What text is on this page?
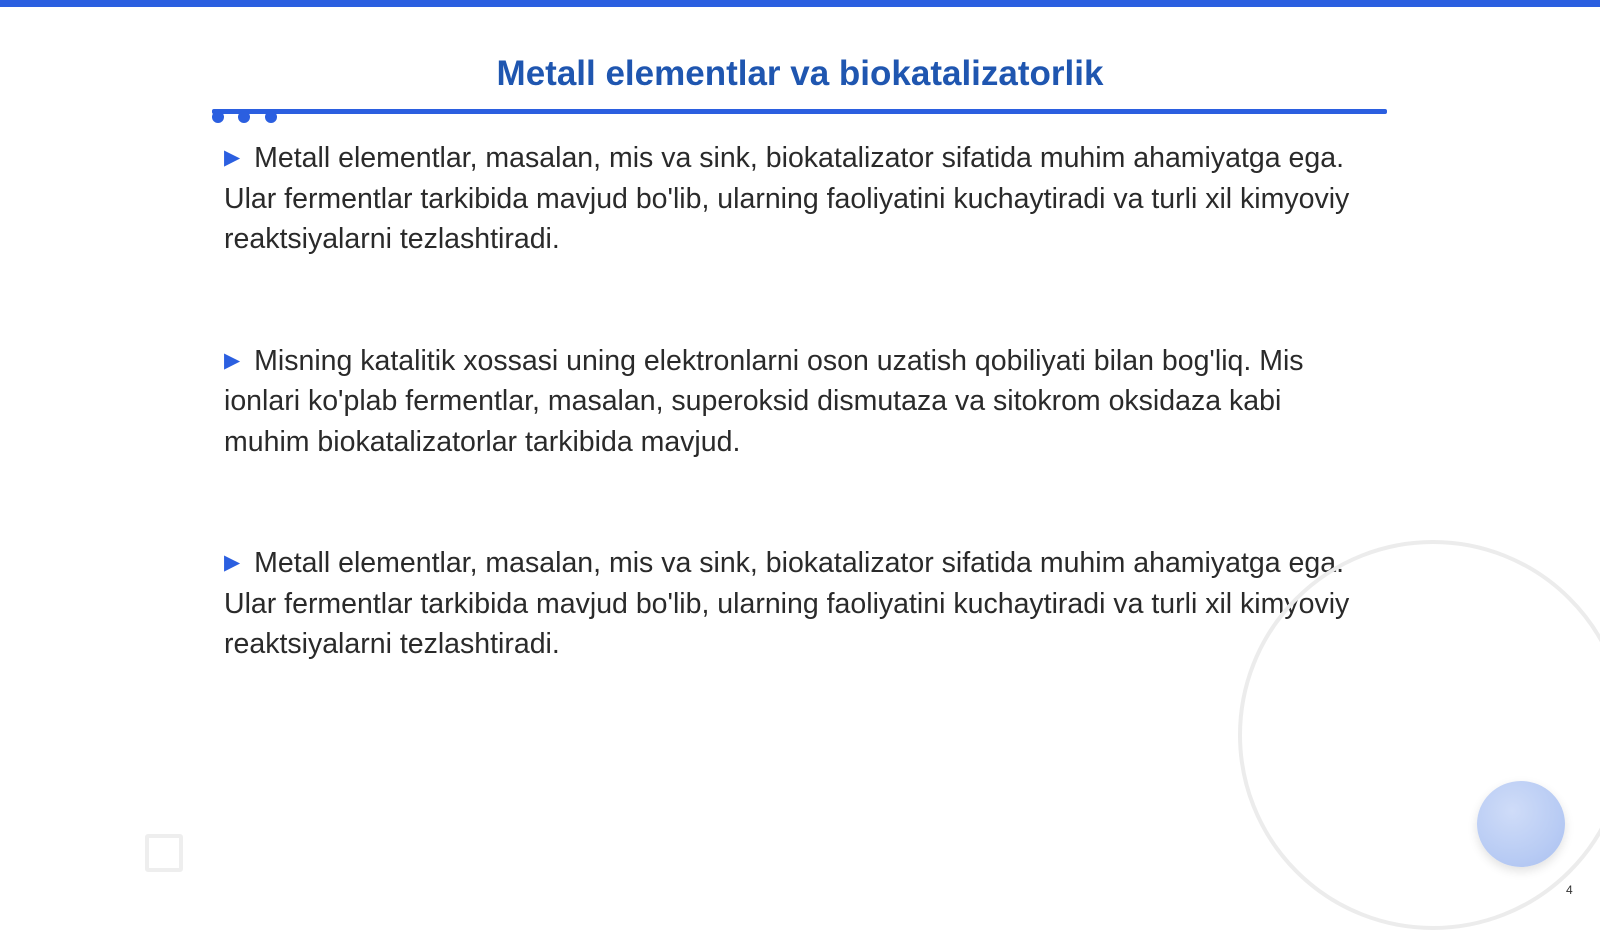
Metall elementlar va biokatalizatorlik

▶ Metall elementlar, masalan, mis va sink, biokatalizator sifatida muhim ahamiyatga ega. Ular fermentlar tarkibida mavjud bo'lib, ularning faoliyatini kuchaytiradi va turli xil kimyoviy reaktsiyalarni tezlashtiradi.

▶ Misning katalitik xossasi uning elektronlarni oson uzatish qobiliyati bilan bog'liq. Mis ionlari ko'plab fermentlar, masalan, superoksid dismutaza va sitokrom oksidaza kabi muhim biokatalizatorlar tarkibida mavjud.

▶ Metall elementlar, masalan, mis va sink, biokatalizator sifatida muhim ahamiyatga ega. Ular fermentlar tarkibida mavjud bo'lib, ularning faoliyatini kuchaytiradi va turli xil kimyoviy reaktsiyalarni tezlashtiradi.

4
